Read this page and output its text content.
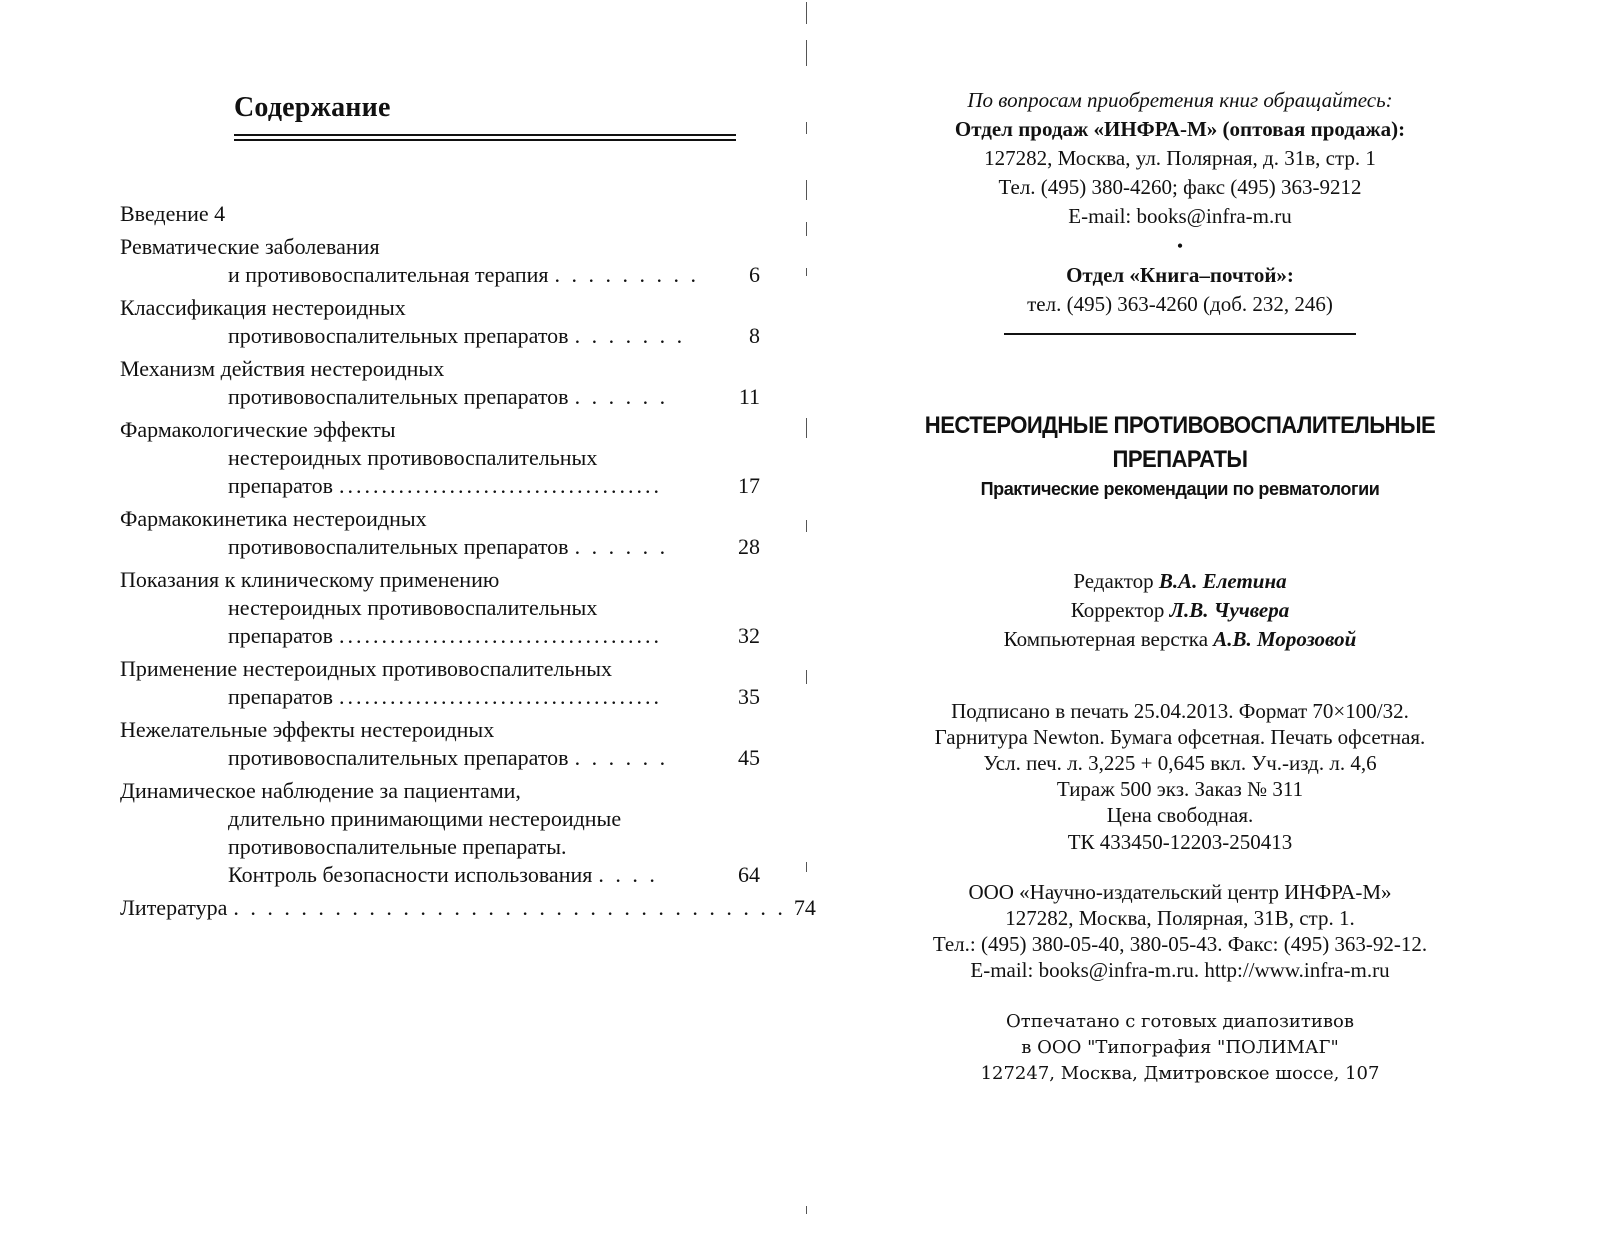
Содержание
Введение 4
Ревматические заболевания
и противовоспалительная терапия . . . . . . . . .	6
Классификация нестероидных
противовоспалительных препаратов . . . . . . .	8
Механизм действия нестероидных
противовоспалительных препаратов . . . . . .	11
Фармакологические эффекты
нестероидных противовоспалительных
препаратов ......................................	17
Фармакокинетика нестероидных
противовоспалительных препаратов . . . . . .	28
Показания к клиническому применению
нестероидных противовоспалительных
препаратов ......................................	32
Применение нестероидных противовоспалительных
препаратов ......................................	35
Нежелательные эффекты нестероидных
противовоспалительных препаратов . . . . . .	45
Динамическое наблюдение за пациентами,
длительно принимающими нестероидные
противовоспалительные препараты.
Контроль безопасности использования . . . .	64
Литература . . . . . . . . . . . . . . . . . . . . . . . . . . . . . . . . . 74

По вопросам приобретения книг обращайтесь:

Отдел продаж «ИНФРА-М» (оптовая продажа):

127282, Москва, ул. Полярная, д. 31в, стр. 1

Тел. (495) 380-4260; факс (495) 363-9212

E-mail: books@infra-m.ru

•

Отдел «Книга–почтой»:

тел. (495) 363-4260 (доб. 232, 246)

НЕСТЕРОИДНЫЕ ПРОТИВОВОСПАЛИТЕЛЬНЫЕ

ПРЕПАРАТЫ

Практические рекомендации по ревматологии

Редактор В.А. Елетина

Корректор Л.В. Чучвера

Компьютерная верстка А.В. Морозовой

Подписано в печать 25.04.2013. Формат 70×100/32.

Гарнитура Newton. Бумага офсетная. Печать офсетная.

Усл. печ. л. 3,225 + 0,645 вкл. Уч.-изд. л. 4,6

Тираж 500 экз. Заказ № 311

Цена свободная.

ТК 433450-12203-250413

ООО «Научно-издательский центр ИНФРА-М»

127282, Москва, Полярная, 31В, стр. 1.

Тел.: (495) 380-05-40, 380-05-43. Факс: (495) 363-92-12.

E-mail: books@infra-m.ru. http://www.infra-m.ru

Отпечатано с готовых диапозитивов

в ООО "Типография "ПОЛИМАГ"

127247, Москва, Дмитровское шоссе, 107
